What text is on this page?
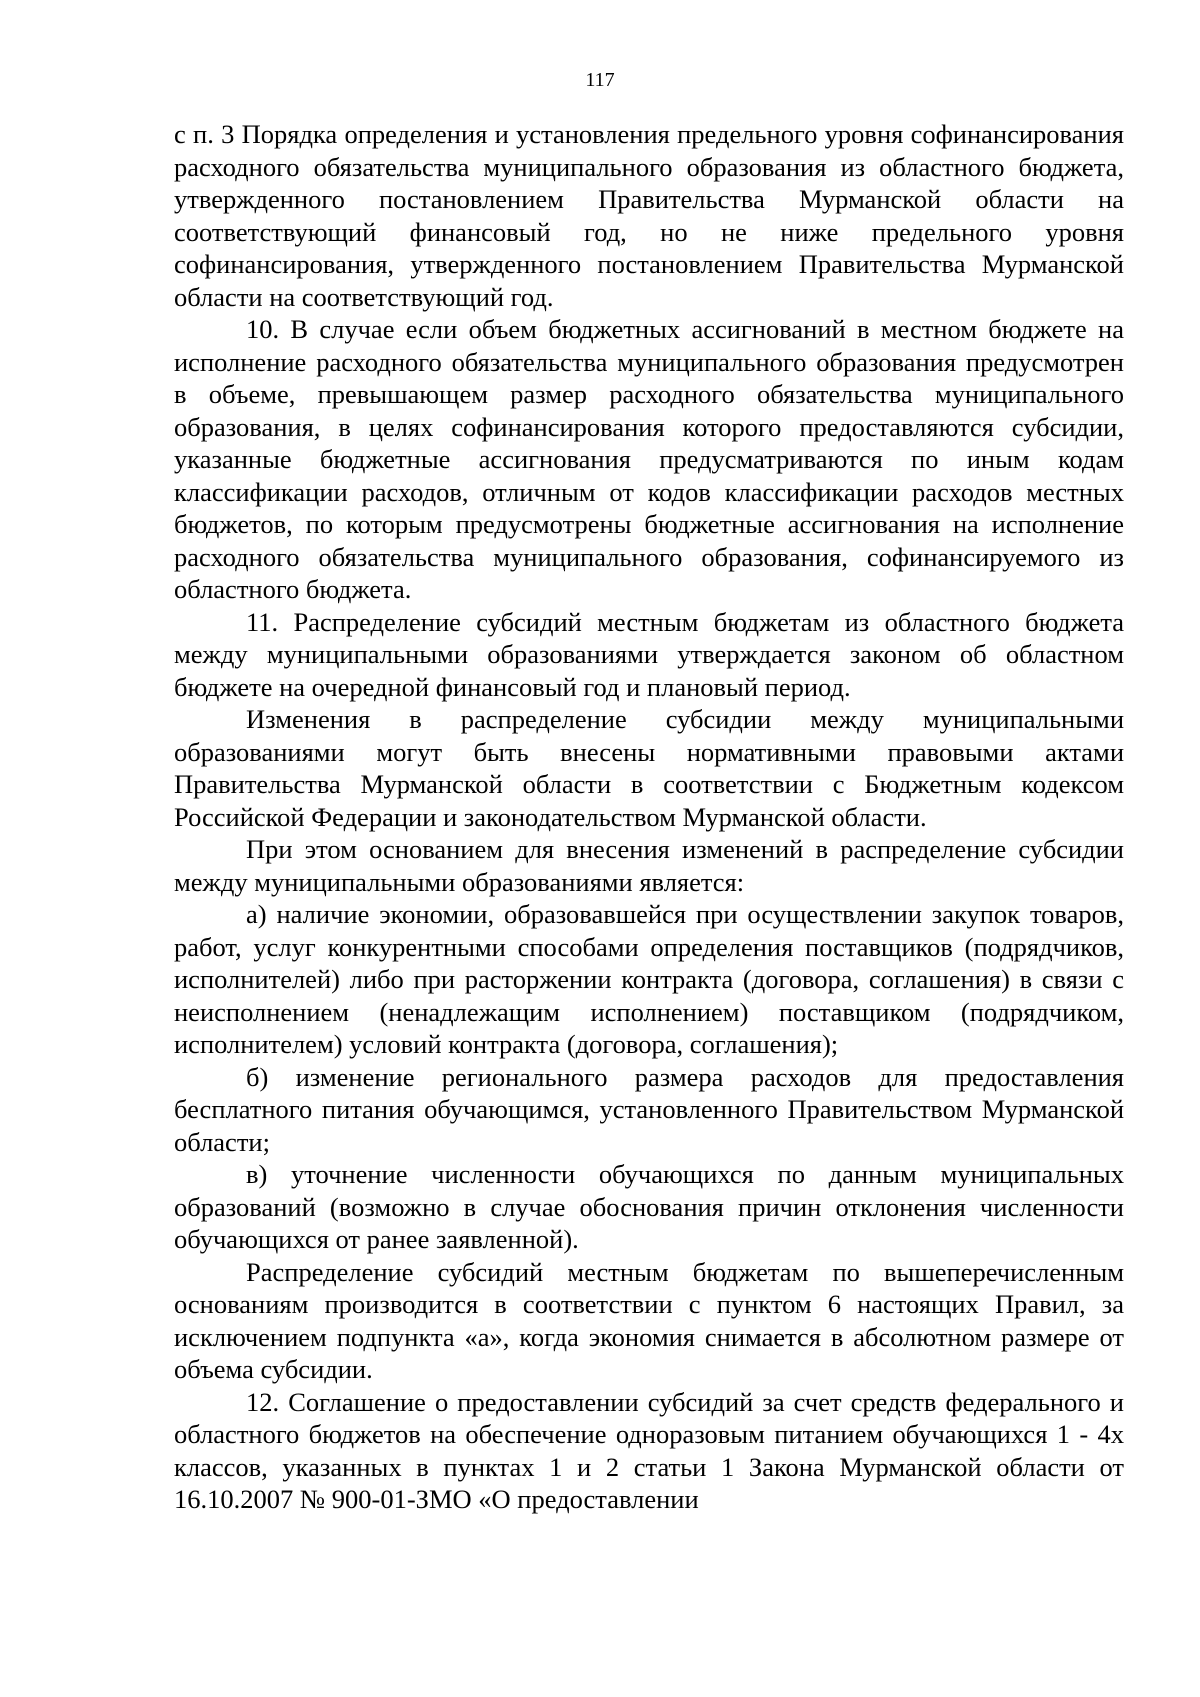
117

с п. 3 Порядка определения и установления предельного уровня софинансирования расходного обязательства муниципального образования из областного бюджета, утвержденного постановлением Правительства Мурманской области на соответствующий финансовый год, но не ниже предельного уровня софинансирования, утвержденного постановлением Правительства Мурманской области на соответствующий год.

10. В случае если объем бюджетных ассигнований в местном бюджете на исполнение расходного обязательства муниципального образования предусмотрен в объеме, превышающем размер расходного обязательства муниципального образования, в целях софинансирования которого предоставляются субсидии, указанные бюджетные ассигнования предусматриваются по иным кодам классификации расходов, отличным от кодов классификации расходов местных бюджетов, по которым предусмотрены бюджетные ассигнования на исполнение расходного обязательства муниципального образования, софинансируемого из областного бюджета.

11. Распределение субсидий местным бюджетам из областного бюджета между муниципальными образованиями утверждается законом об областном бюджете на очередной финансовый год и плановый период.

Изменения в распределение субсидии между муниципальными образованиями могут быть внесены нормативными правовыми актами Правительства Мурманской области в соответствии с Бюджетным кодексом Российской Федерации и законодательством Мурманской области.

При этом основанием для внесения изменений в распределение субсидии между муниципальными образованиями является:

а) наличие экономии, образовавшейся при осуществлении закупок товаров, работ, услуг конкурентными способами определения поставщиков (подрядчиков, исполнителей) либо при расторжении контракта (договора, соглашения) в связи с неисполнением (ненадлежащим исполнением) поставщиком (подрядчиком, исполнителем) условий контракта (договора, соглашения);

б) изменение регионального размера расходов для предоставления бесплатного питания обучающимся, установленного Правительством Мурманской области;

в) уточнение численности обучающихся по данным муниципальных образований (возможно в случае обоснования причин отклонения численности обучающихся от ранее заявленной).

Распределение субсидий местным бюджетам по вышеперечисленным основаниям производится в соответствии с пунктом 6 настоящих Правил, за исключением подпункта «а», когда экономия снимается в абсолютном размере от объема субсидии.

12. Соглашение о предоставлении субсидий за счет средств федерального и областного бюджетов на обеспечение одноразовым питанием обучающихся 1 - 4х классов, указанных в пунктах 1 и 2 статьи 1 Закона Мурманской области от 16.10.2007 № 900-01-ЗМО «О предоставлении
